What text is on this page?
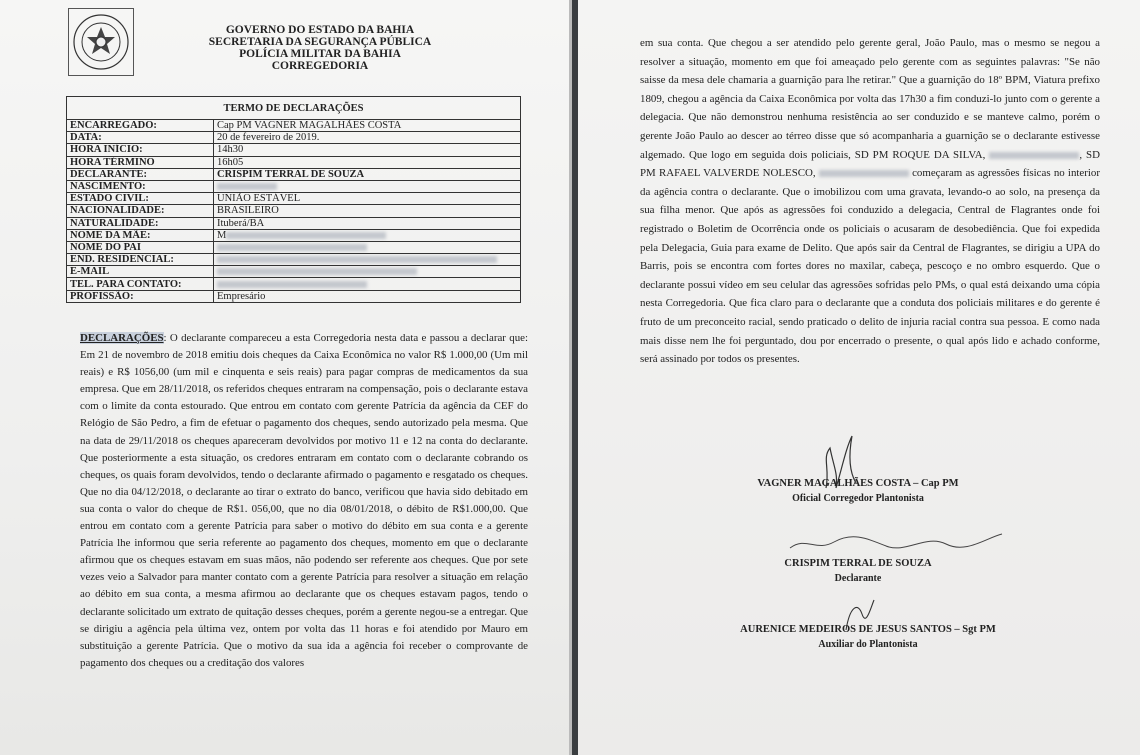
GOVERNO DO ESTADO DA BAHIA
SECRETARIA DA SEGURANÇA PÚBLICA
POLÍCIA MILITAR DA BAHIA
CORREGEDORIA
TERMO DE DECLARAÇÕES	
ENCARREGADO:	Cap PM VAGNER MAGALHÃES COSTA
DATA:	20 de fevereiro de 2019.
HORA INÍCIO:	14h30
HORA TÉRMINO	16h05
DECLARANTE:	CRISPIM TERRAL DE SOUZA
NASCIMENTO:	
ESTADO CIVIL:	UNIÃO ESTÁVEL
NACIONALIDADE:	BRASILEIRO
NATURALIDADE:	Ituberá/BA
NOME DA MÃE:	M
NOME DO PAI	
END. RESIDENCIAL:	
E-MAIL	
TEL. PARA CONTATO:	
PROFISSÃO:	Empresário

DECLARAÇÕES: O declarante compareceu a esta Corregedoria nesta data e passou a declarar que: Em 21 de novembro de 2018 emitiu dois cheques da Caixa Econômica no valor R$ 1.000,00 (Um mil reais) e R$ 1056,00 (um mil e cinquenta e seis reais) para pagar compras de medicamentos da sua empresa. Que em 28/11/2018, os referidos cheques entraram na compensação, pois o declarante estava com o limite da conta estourado. Que entrou em contato com gerente Patrícia da agência da CEF do Relógio de São Pedro, a fim de efetuar o pagamento dos cheques, sendo autorizado pela mesma. Que na data de 29/11/2018 os cheques apareceram devolvidos por motivo 11 e 12 na conta do declarante. Que posteriormente a esta situação, os credores entraram em contato com o declarante cobrando os cheques, os quais foram devolvidos, tendo o declarante afirmado o pagamento e resgatado os cheques. Que no dia 04/12/2018, o declarante ao tirar o extrato do banco, verificou que havia sido debitado em sua conta o valor do cheque de R$1. 056,00, que no dia 08/01/2018, o débito de R$1.000,00. Que entrou em contato com a gerente Patrícia para saber o motivo do débito em sua conta e a gerente Patrícia lhe informou que seria referente ao pagamento dos cheques, momento em que o declarante afirmou que os cheques estavam em suas mãos, não podendo ser referente aos cheques. Que por sete vezes veio a Salvador para manter contato com a gerente Patrícia para resolver a situação em relação ao débito em sua conta, a mesma afirmou ao declarante que os cheques estavam pagos, tendo o declarante solicitado um extrato de quitação desses cheques, porém a gerente negou-se a entregar. Que se dirigiu a agência pela última vez, ontem por volta das 11 horas e foi atendido por Mauro em substituição a gerente Patrícia. Que o motivo da sua ida a agência foi receber o comprovante de pagamento dos cheques ou a creditação dos valores

em sua conta. Que chegou a ser atendido pelo gerente geral, João Paulo, mas o mesmo se negou a resolver a situação, momento em que foi ameaçado pelo gerente com as seguintes palavras: "Se não saisse da mesa dele chamaria a guarnição para lhe retirar." Que a guarnição do 18º BPM, Viatura prefixo 1809, chegou a agência da Caixa Econômica por volta das 17h30 a fim conduzi-lo junto com o gerente a delegacia. Que não demonstrou nenhuma resistência ao ser conduzido e se manteve calmo, porém o gerente João Paulo ao descer ao térreo disse que só acompanharia a guarnição se o declarante estivesse algemado. Que logo em seguida dois policiais, SD PM ROQUE DA SILVA,	, SD PM RAFAEL VALVERDE NOLESCO,	começaram as agressões físicas no interior da agência contra o declarante. Que o imobilizou com uma gravata, levando-o ao solo, na presença da sua filha menor. Que após as agressões foi conduzido a delegacia, Central de Flagrantes onde foi registrado o Boletim de Ocorrência onde os policiais o acusaram de desobediência. Que foi expedida pela Delegacia, Guia para exame de Delito. Que após sair da Central de Flagrantes, se dirigiu a UPA do Barris, pois se encontra com fortes dores no maxilar, cabeça, pescoço e no ombro esquerdo. Que o declarante possui vídeo em seu celular das agressões sofridas pelo PMs, o qual está deixando uma cópia nesta Corregedoria. Que fica claro para o declarante que a conduta dos policiais militares e do gerente é fruto de um preconceito racial, sendo praticado o delito de injuria racial contra sua pessoa. E como nada mais disse nem lhe foi perguntado, dou por encerrado o presente, o qual após lido e achado conforme, será assinado por todos os presentes.
VAGNER MAGALHÃES COSTA – Cap PM
Oficial Corregedor Plantonista
CRISPIM TERRAL DE SOUZA
Declarante
AURENICE MEDEIROS DE JESUS SANTOS – Sgt PM
Auxiliar do Plantonista
